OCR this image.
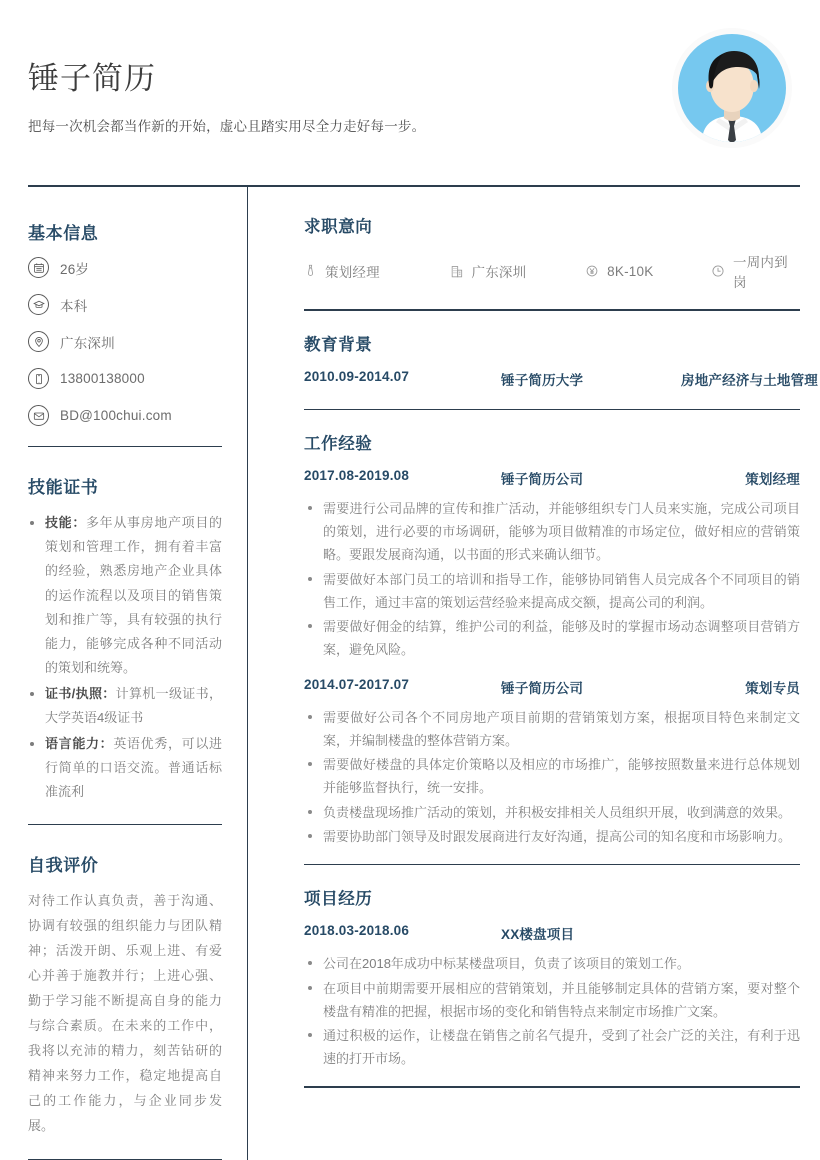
锤子简历
把每一次机会都当作新的开始，虚心且踏实用尽全力走好每一步。
基本信息
26岁
本科
广东深圳
13800138000
BD@100chui.com
技能证书
技能：多年从事房地产项目的策划和管理工作，拥有着丰富的经验，熟悉房地产企业具体的运作流程以及项目的销售策划和推广等，具有较强的执行能力，能够完成各种不同活动的策划和统筹。
证书/执照：计算机一级证书，大学英语4级证书
语言能力：英语优秀，可以进行简单的口语交流。普通话标准流利
自我评价
对待工作认真负责，善于沟通、协调有较强的组织能力与团队精神；活泼开朗、乐观上进、有爱心并善于施教并行；上进心强、勤于学习能不断提高自身的能力与综合素质。在未来的工作中，我将以充沛的精力，刻苦钻研的精神来努力工作，稳定地提高自己的工作能力，与企业同步发展。
求职意向
策划经理	广东深圳	8K-10K
一周内到岗
教育背景
2010.09-2014.07	锤子简历大学	房地产经济与土地管理
工作经验
2017.08-2019.08	锤子简历公司	策划经理
需要进行公司品牌的宣传和推广活动，并能够组织专门人员来实施，完成公司项目的策划，进行必要的市场调研，能够为项目做精准的市场定位，做好相应的营销策略。要跟发展商沟通，以书面的形式来确认细节。
需要做好本部门员工的培训和指导工作，能够协同销售人员完成各个不同项目的销售工作，通过丰富的策划运营经验来提高成交额，提高公司的利润。
需要做好佣金的结算，维护公司的利益，能够及时的掌握市场动态调整项目营销方案，避免风险。
2014.07-2017.07	锤子简历公司	策划专员
需要做好公司各个不同房地产项目前期的营销策划方案，根据项目特色来制定文案，并编制楼盘的整体营销方案。
需要做好楼盘的具体定价策略以及相应的市场推广，能够按照数量来进行总体规划并能够监督执行，统一安排。
负责楼盘现场推广活动的策划，并积极安排相关人员组织开展，收到满意的效果。
需要协助部门领导及时跟发展商进行友好沟通，提高公司的知名度和市场影响力。
项目经历
2018.03-2018.06	XX楼盘项目
公司在2018年成功中标某楼盘项目，负责了该项目的策划工作。
在项目中前期需要开展相应的营销策划，并且能够制定具体的营销方案，要对整个楼盘有精准的把握，根据市场的变化和销售特点来制定市场推广文案。
通过积极的运作，让楼盘在销售之前名气提升，受到了社会广泛的关注，有利于迅速的打开市场。
